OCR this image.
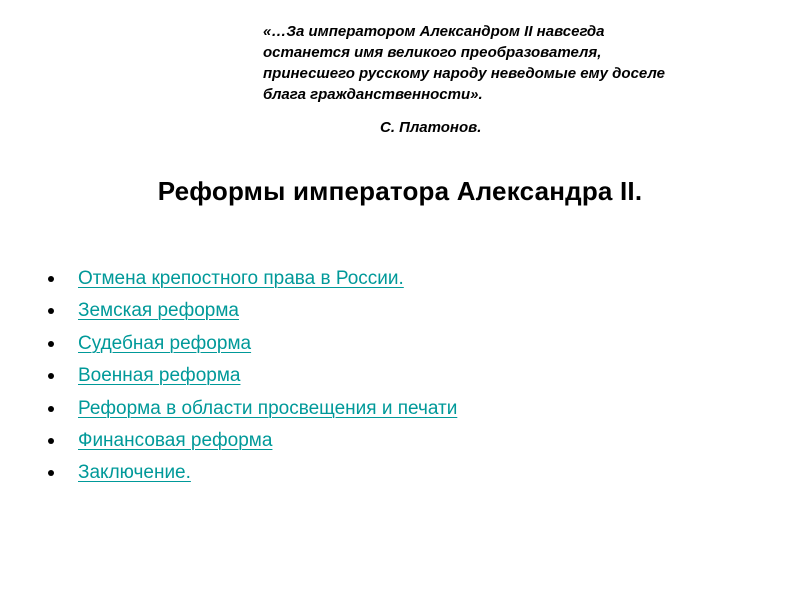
«…За императором Александром II навсегда
останется имя великого преобразователя,
принесшего русскому народу неведомые ему доселе
блага гражданственности».

С. Платонов.

Реформы императора Александра II.
Отмена крепостного права в России.
Земская реформа
Судебная реформа
Военная реформа
Реформа в области просвещения и печати
Финансовая реформа
Заключение.
